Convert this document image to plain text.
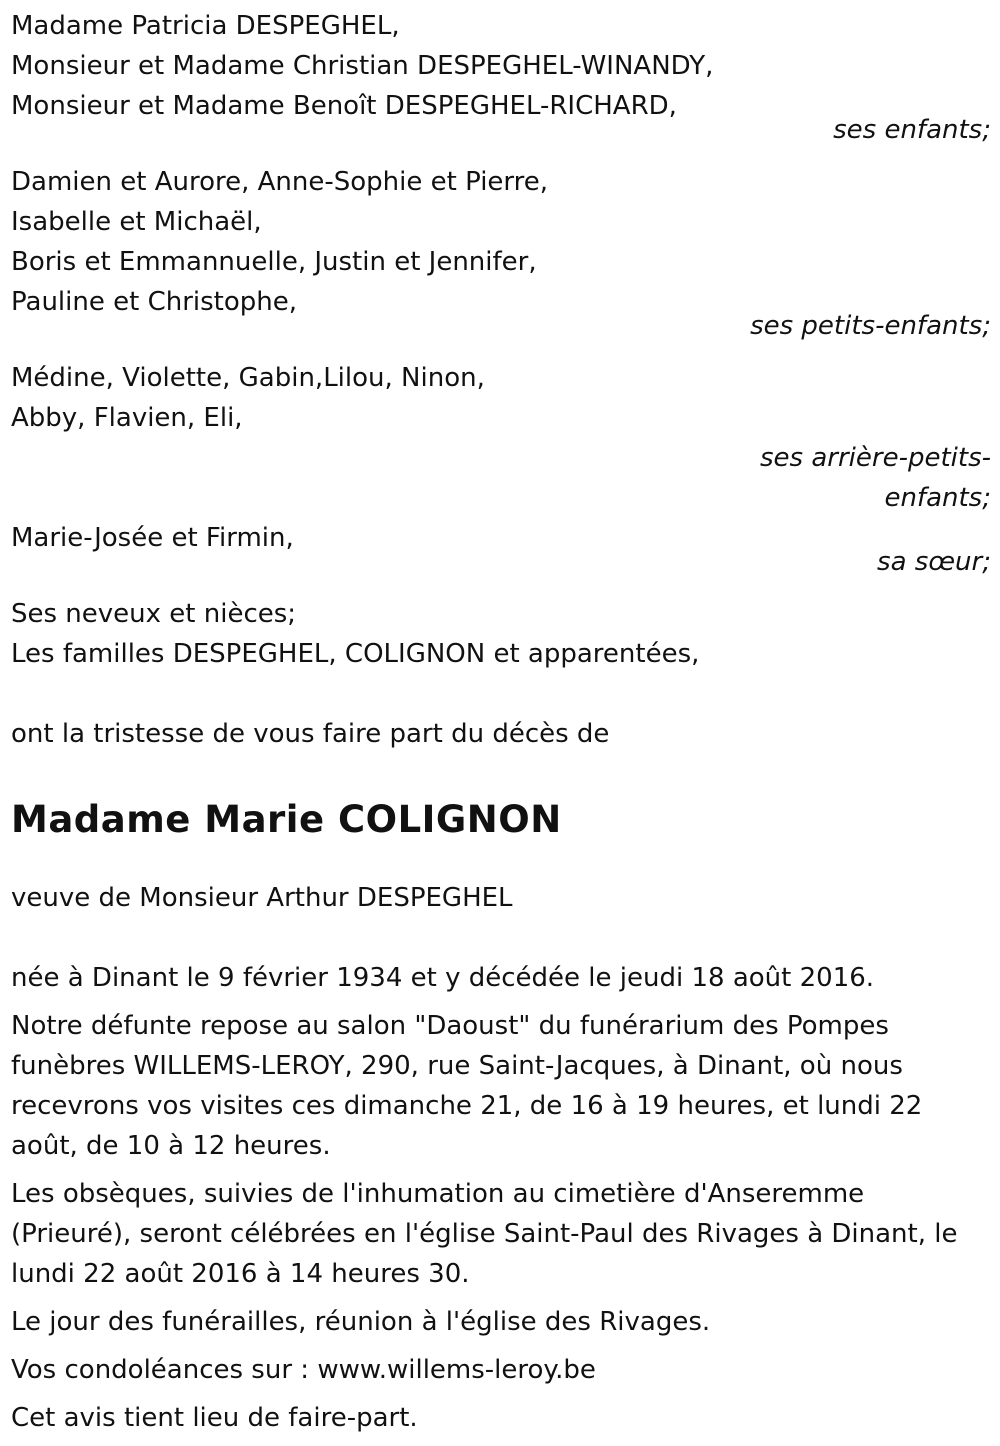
Madame Patricia DESPEGHEL,
Monsieur et Madame Christian DESPEGHEL-WINANDY,
Monsieur et Madame Benoît DESPEGHEL-RICHARD,
ses enfants;
Damien et Aurore, Anne-Sophie et Pierre,
Isabelle et Michaël,
Boris et Emmannuelle, Justin et Jennifer,
Pauline et Christophe,
ses petits-enfants;
Médine, Violette, Gabin,Lilou, Ninon,
Abby, Flavien, Eli,
ses arrière-petits-
enfants;
Marie-Josée et Firmin,
sa sœur;
Ses neveux et nièces;
Les familles DESPEGHEL, COLIGNON et apparentées,
ont la tristesse de vous faire part du décès de
Madame Marie COLIGNON
veuve de Monsieur Arthur DESPEGHEL
née à Dinant le 9 février 1934 et y décédée le jeudi 18 août 2016.
Notre défunte repose au salon "Daoust" du funérarium des Pompes funèbres WILLEMS-LEROY, 290, rue Saint-Jacques, à Dinant, où nous recevrons vos visites ces dimanche 21, de 16 à 19 heures, et lundi 22 août, de 10 à 12 heures.
Les obsèques, suivies de l'inhumation au cimetière d'Anseremme (Prieuré), seront célébrées en l'église Saint-Paul des Rivages à Dinant, le lundi 22 août 2016 à 14 heures 30.
Le jour des funérailles, réunion à l'église des Rivages.
Vos condoléances sur : www.willems-leroy.be
Cet avis tient lieu de faire-part.
